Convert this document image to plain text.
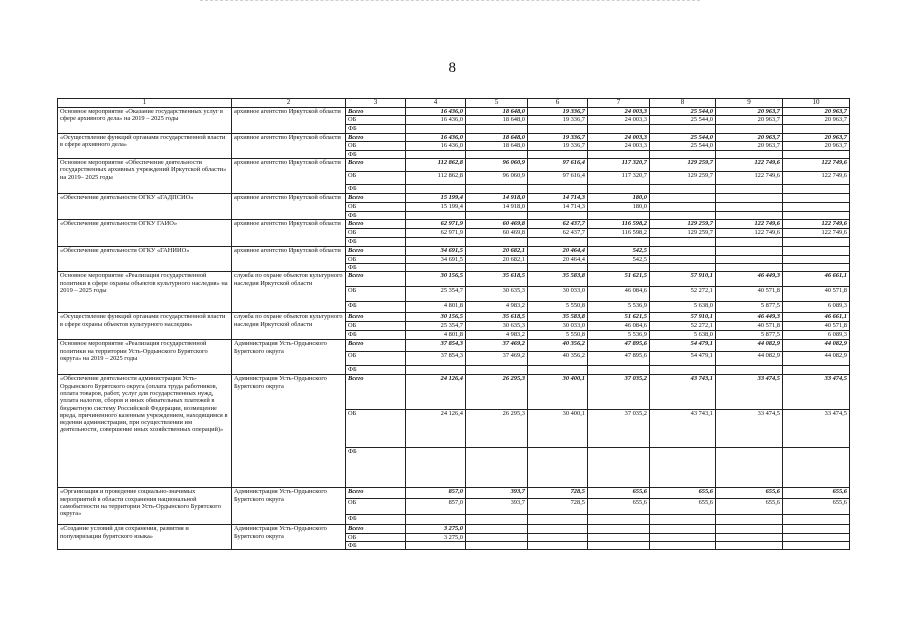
8
1	2	3	4	5	6	7	8	9	10
Основное мероприятие «Оказание государственных услуг в сфере архивного дела» на 2019 – 2025 годы	архивное агентство Иркутской области	Всего	16 436,0	18 648,0	19 336,7	24 003,3	25 544,0	20 963,7	20 963,7
		ОБ	16 436,0	18 648,0	19 336,7	24 003,3	25 544,0	20 963,7	20 963,7
		ФБ							
«Осуществление функций органами государственной власти в сфере архивного дела»	архивное агентство Иркутской области	Всего	16 436,0	18 648,0	19 336,7	24 003,3	25 544,0	20 963,7	20 963,7
		ОБ	16 436,0	18 648,0	19 336,7	24 003,3	25 544,0	20 963,7	20 963,7
		ФБ							
Основное мероприятие «Обеспечение деятельности государственных архивных учреждений Иркутской области» на 2019– 2025 годы	архивное агентство Иркутской области	Всего	112 862,8	96 060,9	97 616,4	117 320,7	129 259,7	122 749,6	122 749,6
		ОБ	112 862,8	96 060,9	97 616,4	117 320,7	129 259,7	122 749,6	122 749,6
		ФБ							
«Обеспечение деятельности ОГКУ «ГАДПСИО»	архивное агентство Иркутской области	Всего	15 199,4	14 918,0	14 714,3	180,0			
		ОБ	15 199,4	14 918,0	14 714,3	180,0			
		ФБ							
«Обеспечение деятельности ОГКУ ГАИО»	архивное агентство Иркутской области	Всего	62 971,9	60 469,8	62 437,7	116 598,2	129 259,7	122 749,6	122 749,6
		ОБ	62 971,9	60 469,8	62 437,7	116 598,2	129 259,7	122 749,6	122 749,6
		ФБ							
«Обеспечение деятельности ОГКУ «ГАНИИО»	архивное агентство Иркутской области	Всего	34 691,5	20 682,1	20 464,4	542,5			
		ОБ	34 691,5	20 682,1	20 464,4	542,5			
		ФБ							
Основное мероприятие «Реализация государственной политики в сфере охраны объектов культурного наследия» на 2019 – 2025 годы	служба по охране объектов культурного наследия Иркутской области	Всего	30 156,5	35 618,5	35 583,8	51 621,5	57 910,1	46 449,3	46 661,1
		ОБ	25 354,7	30 635,3	30 033,0	46 084,6	52 272,1	40 571,8	40 571,8
		ФБ	4 801,8	4 983,2	5 550,8	5 536,9	5 638,0	5 877,5	6 089,3
«Осуществление функций органами государственной власти в сфере охраны объектов культурного наследия»	служба по охране объектов культурного наследия Иркутской области	Всего	30 156,5	35 618,5	35 583,8	51 621,5	57 910,1	46 449,3	46 661,1
		ОБ	25 354,7	30 635,3	30 033,0	46 084,6	52 272,1	40 571,8	40 571,8
		ФБ	4 801,8	4 983,2	5 550,8	5 536,9	5 638,0	5 877,5	6 089,3
Основное мероприятие «Реализация государственной политики на территории Усть-Ордынского Бурятского округа» на 2019 – 2025 годы	Администрация Усть-Ордынского Бурятского округа	Всего	37 854,3	37 469,2	40 356,2	47 895,6	54 479,1	44 082,9	44 082,9
		ОБ	37 854,3	37 469,2	40 356,2	47 895,6	54 479,1	44 082,9	44 082,9
		ФБ							
«Обеспечение деятельности администрации Усть-Ордынского Бурятского округа (оплата труда работников, оплата товаров, работ, услуг для государственных нужд, уплата налогов, сборов и иных обязательных платежей в бюджетную систему Российской Федерации, возмещение вреда, причиненного казенным учреждением, находящимся в ведении администрации, при осуществлении им деятельности, совершение иных хозяйственных операций)»	Администрация Усть-Ордынского Бурятского округа	Всего	24 126,4	26 295,3	30 400,1	37 035,2	43 743,1	33 474,5	33 474,5
		ОБ	24 126,4	26 295,3	30 400,1	37 035,2	43 743,1	33 474,5	33 474,5
		ФБ							
«Организация и проведение социально-значимых мероприятий в области сохранения национальной самобытности на территории Усть-Ордынского Бурятского округа»	Администрация Усть-Ордынского Бурятского округа	Всего	857,0	393,7	728,5	655,6	655,6	655,6	655,6
		ОБ	857,0	393,7	728,5	655,6	655,6	655,6	655,6
		ФБ							
«Создание условий для сохранения, развития и популяризации бурятского языка»	Администрация Усть-Ордынского Бурятского округа	Всего	3 275,0						
		ОБ	3 275,0						
		ФБ							
